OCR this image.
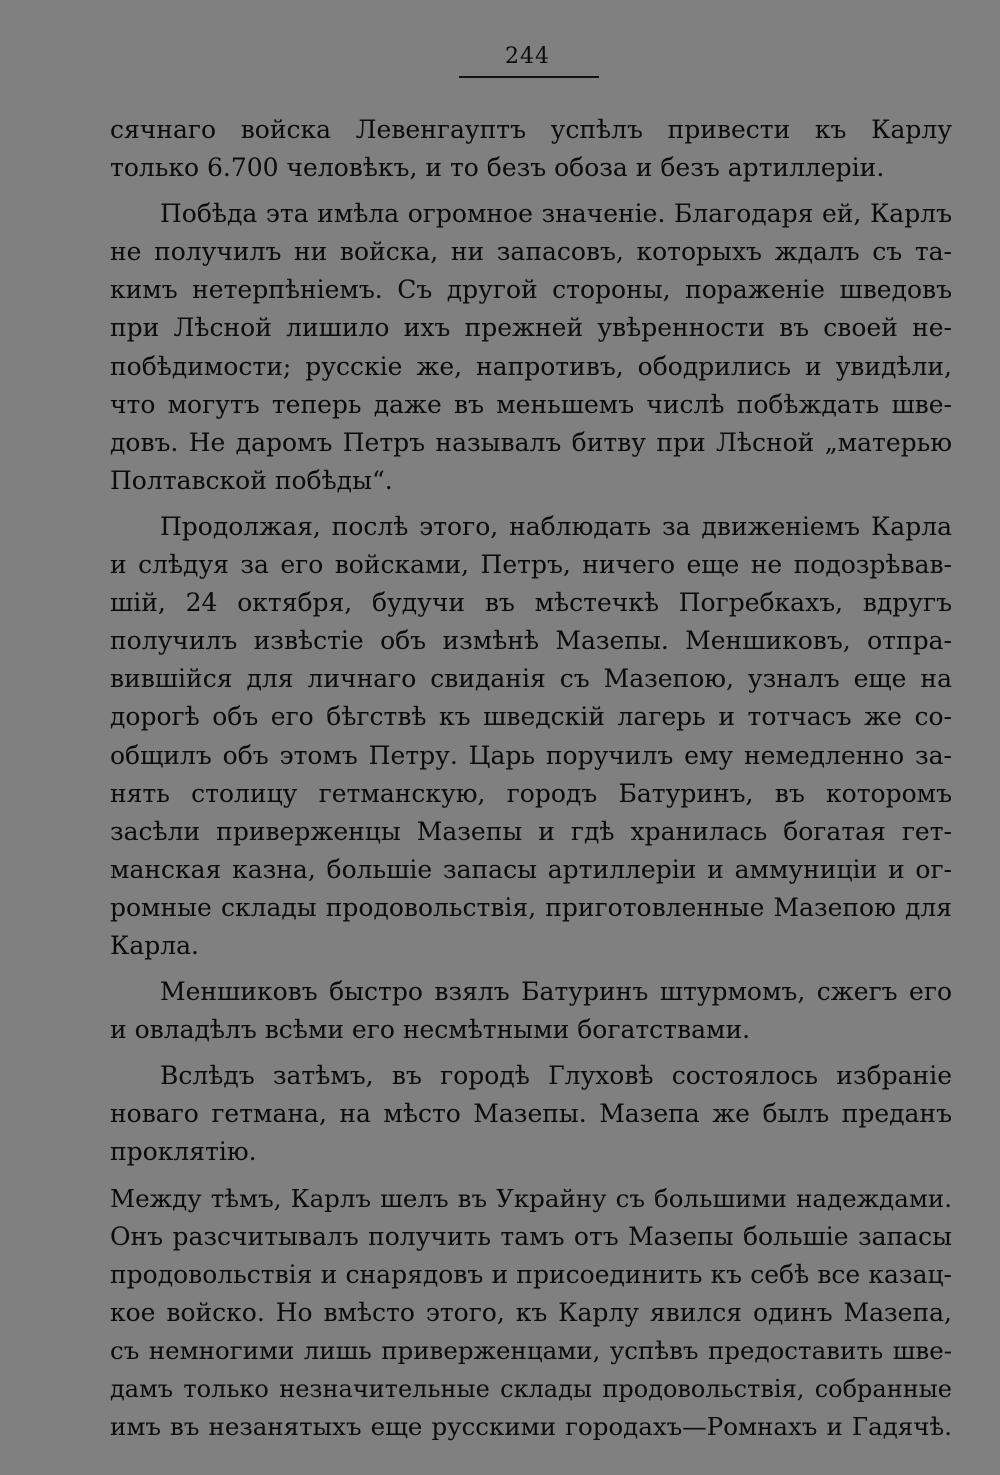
244
сячнаго войска Левенгауптъ успѣлъ привести къ Карлу
только 6.700 человѣкъ, и то безъ обоза и безъ артиллеріи.
Побѣда эта имѣла огромное значеніе. Благодаря ей, Карлъ
не получилъ ни войска, ни запасовъ, которыхъ ждалъ съ та-
кимъ нетерпѣніемъ. Съ другой стороны, пораженіе шведовъ
при Лѣсной лишило ихъ прежней увѣренности въ своей не-
побѣдимости; русскіе же, напротивъ, ободрились и увидѣли,
что могутъ теперь даже въ меньшемъ числѣ побѣждать шве-
довъ. Не даромъ Петръ называлъ битву при Лѣсной „матерью
Полтавской побѣды“.
Продолжая, послѣ этого, наблюдать за движеніемъ Карла
и слѣдуя за его войсками, Петръ, ничего еще не подозрѣвав-
шій, 24 октября, будучи въ мѣстечкѣ Погребкахъ, вдругъ
получилъ извѣстіе объ измѣнѣ Мазепы. Меншиковъ, отпра-
вившійся для личнаго свиданія съ Мазепою, узналъ еще на
дорогѣ объ его бѣгствѣ къ шведскій лагерь и тотчасъ же со-
общилъ объ этомъ Петру. Царь поручилъ ему немедленно за-
нять столицу гетманскую, городъ Батуринъ, въ которомъ
засѣли приверженцы Мазепы и гдѣ хранилась богатая гет-
манская казна, большіе запасы артиллеріи и аммуниціи и ог-
ромные склады продовольствія, приготовленные Мазепою для
Карла.
Меншиковъ быстро взялъ Батуринъ штурмомъ, сжегъ его
и овладѣлъ всѣми его несмѣтными богатствами.
Вслѣдъ затѣмъ, въ городѣ Глуховѣ состоялось избраніе
новаго гетмана, на мѣсто Мазепы. Мазепа же былъ преданъ
проклятію.
Между тѣмъ, Карлъ шелъ въ Украйну съ большими надеждами.
Онъ разсчитывалъ получить тамъ отъ Мазепы большіе запасы
продовольствія и снарядовъ и присоединить къ себѣ все казац-
кое войско. Но вмѣсто этого, къ Карлу явился одинъ Мазепа,
съ немногими лишь приверженцами, успѣвъ предоставить шве-
дамъ только незначительные склады продовольствія, собранные
имъ въ незанятыхъ еще русскими городахъ—Ромнахъ и Гадячѣ.
